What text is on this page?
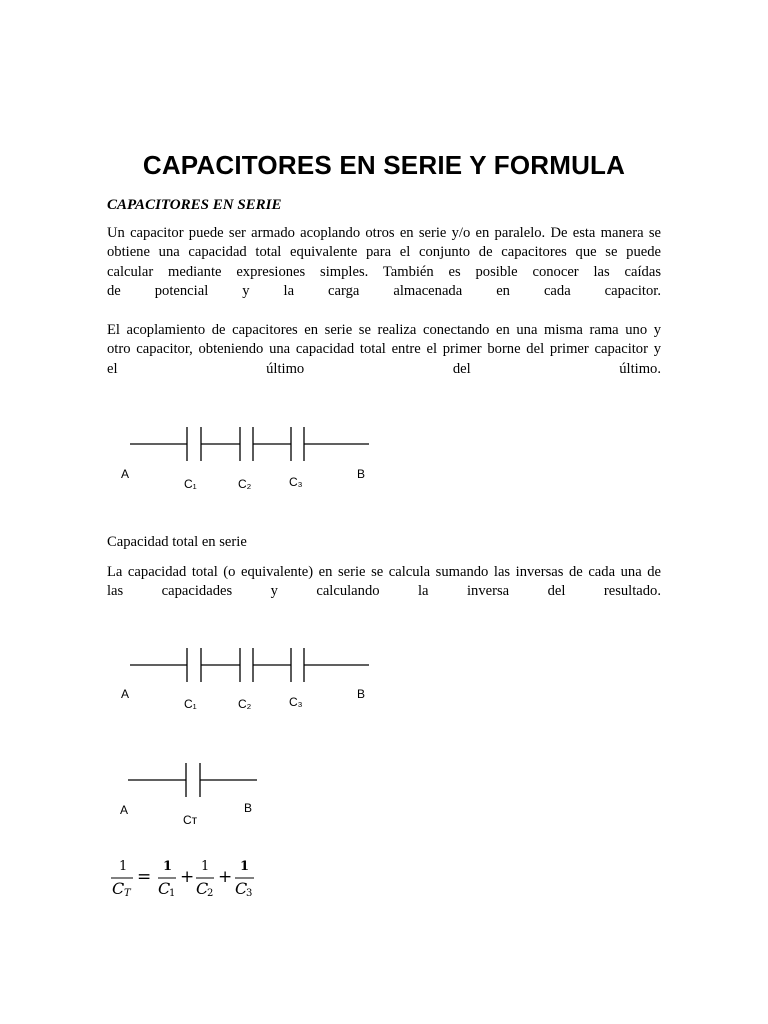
CAPACITORES EN SERIE Y FORMULA
CAPACITORES EN SERIE
Un capacitor puede ser armado acoplando otros en serie y/o en paralelo. De esta manera se
obtiene una capacidad total equivalente para el conjunto de capacitores que se puede
calcular mediante expresiones simples. También es posible conocer las caídas
de potencial y la carga almacenada en cada capacitor.
El acoplamiento de capacitores en serie se realiza conectando en una misma rama uno y
otro capacitor, obteniendo una capacidad total entre el primer borne del primer capacitor y
el último del último.
A
C₁	C₂	C₃
B
Capacidad total en serie
La capacidad total (o equivalente) en serie se calcula sumando las inversas de cada una de
las capacidades y calculando la inversa del resultado.
A
C₁	C₂	C₃
B
A
Cᴛ
B
1
C T
=
1
C
1
+
1
C
2
+
1
C
3
